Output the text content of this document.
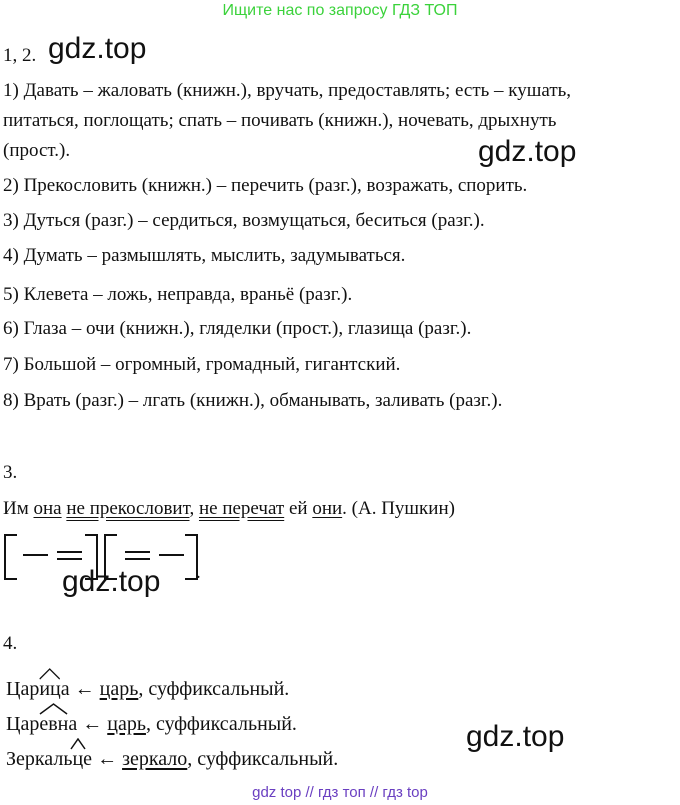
Ищите нас по запросу ГДЗ ТОП
1, 2. gdz.top
1) Давать – жаловать (книжн.), вручать, предоставлять; есть – кушать,
питаться, поглощать; спать – почивать (книжн.), ночевать, дрыхнуть
(прост.).	gdz.top
2) Прекословить (книжн.) – перечить (разг.), возражать, спорить.
3) Дуться (разг.) – сердиться, возмущаться, беситься (разг.).
4) Думать – размышлять, мыслить, задумываться.
5) Клевета – ложь, неправда, враньё (разг.).
6) Глаза – очи (книжн.), гляделки (прост.), глазища (разг.).
7) Большой – огромный, громадный, гигантский.
8) Врать (разг.) – лгать (книжн.), обманывать, заливать (разг.).
3.
Им она не прекословит, не перечат ей они. (А. Пушкин)
.
gdz.top
4.
Цар
ица ← царь, суффиксальный.
Цар
евна ← царь, суффиксальный.
Зеркаль
це ← зеркало, суффиксальный.
gdz.top
gdz top // гдз топ // гдз top
